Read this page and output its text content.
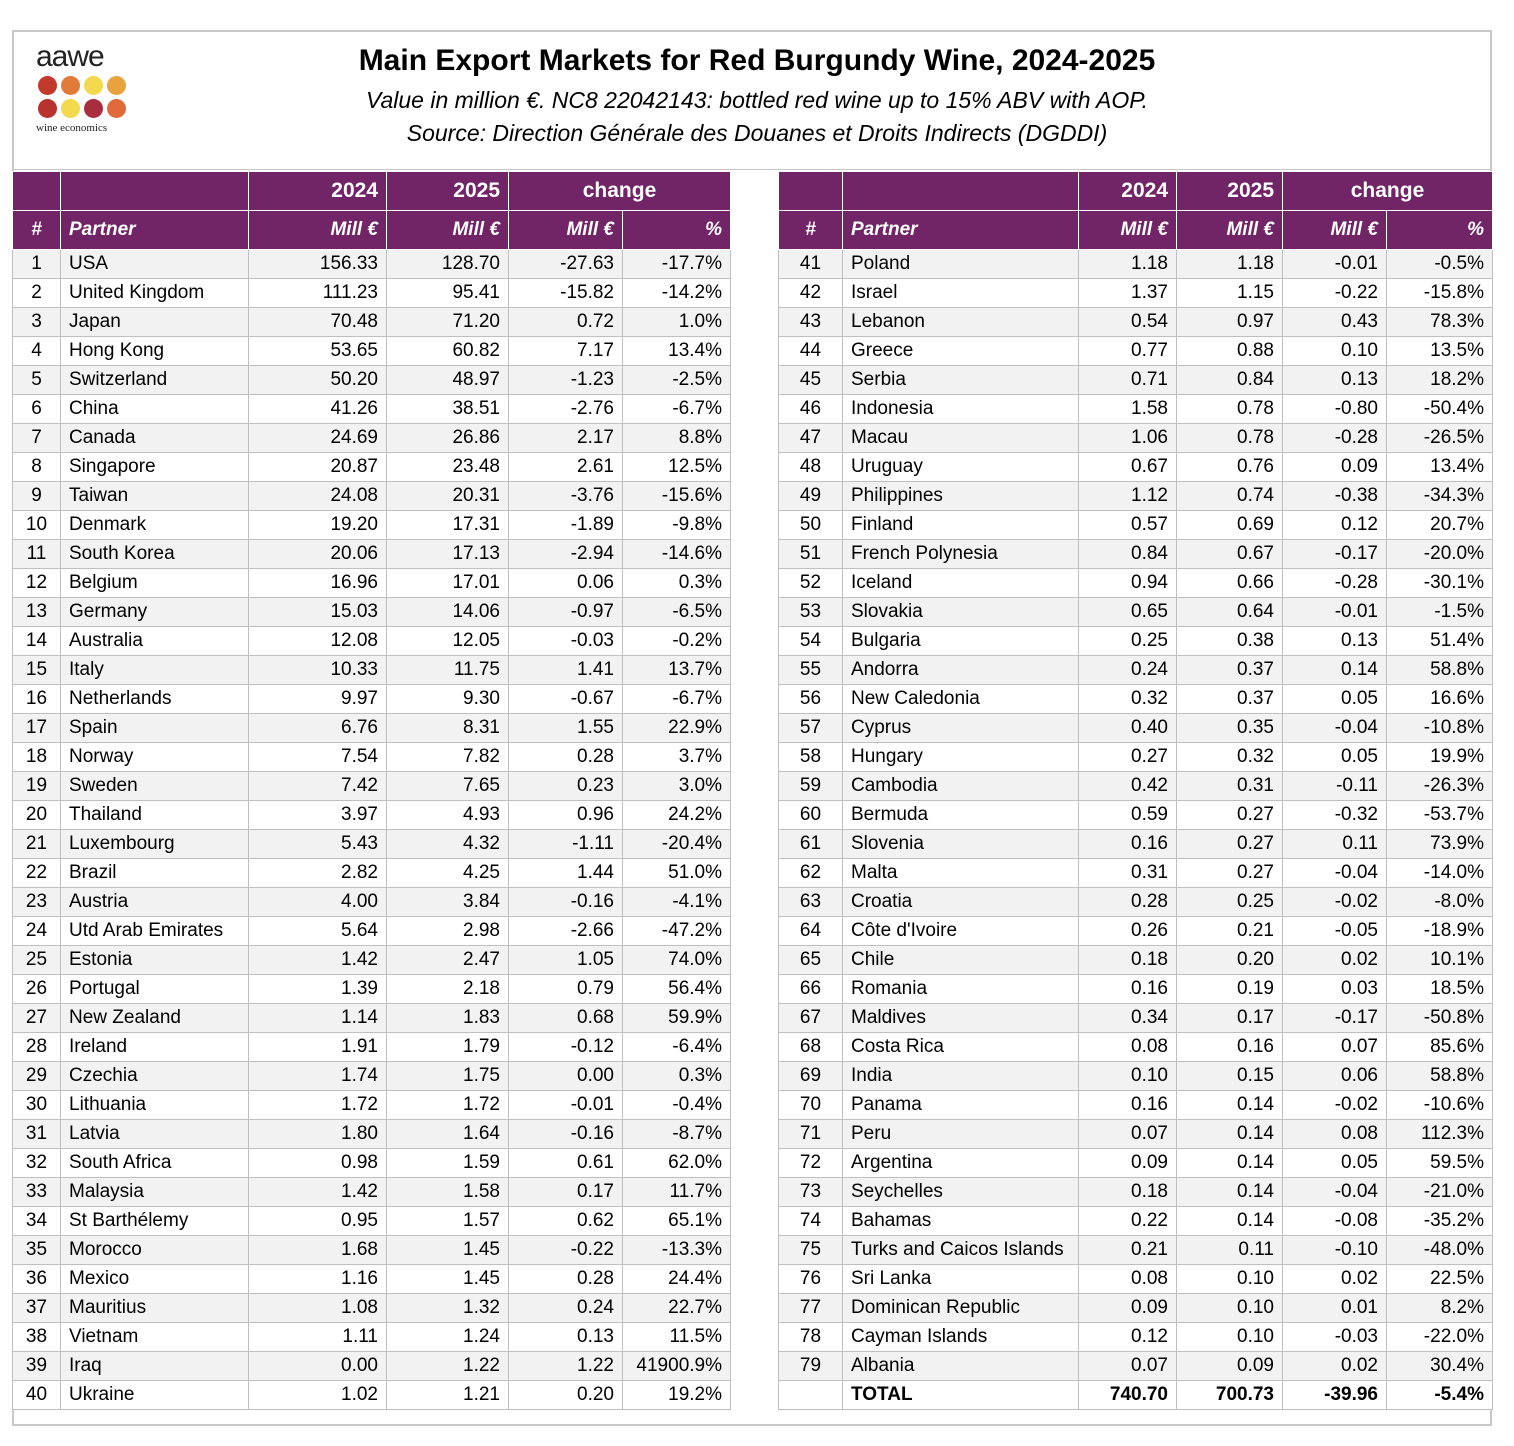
aawe
wine economics
Main Export Markets for Red Burgundy Wine, 2024-2025
Value in million €. NC8 22042143: bottled red wine up to 15% ABV with AOP.
Source: Direction Générale des Douanes et Droits Indirects (DGDDI)
		2024	2025	change	
#	Partner	Mill €	Mill €	Mill €	%
1	USA	156.33	128.70	-27.63	-17.7%
2	United Kingdom	111.23	95.41	-15.82	-14.2%
3	Japan	70.48	71.20	0.72	1.0%
4	Hong Kong	53.65	60.82	7.17	13.4%
5	Switzerland	50.20	48.97	-1.23	-2.5%
6	China	41.26	38.51	-2.76	-6.7%
7	Canada	24.69	26.86	2.17	8.8%
8	Singapore	20.87	23.48	2.61	12.5%
9	Taiwan	24.08	20.31	-3.76	-15.6%
10	Denmark	19.20	17.31	-1.89	-9.8%
11	South Korea	20.06	17.13	-2.94	-14.6%
12	Belgium	16.96	17.01	0.06	0.3%
13	Germany	15.03	14.06	-0.97	-6.5%
14	Australia	12.08	12.05	-0.03	-0.2%
15	Italy	10.33	11.75	1.41	13.7%
16	Netherlands	9.97	9.30	-0.67	-6.7%
17	Spain	6.76	8.31	1.55	22.9%
18	Norway	7.54	7.82	0.28	3.7%
19	Sweden	7.42	7.65	0.23	3.0%
20	Thailand	3.97	4.93	0.96	24.2%
21	Luxembourg	5.43	4.32	-1.11	-20.4%
22	Brazil	2.82	4.25	1.44	51.0%
23	Austria	4.00	3.84	-0.16	-4.1%
24	Utd Arab Emirates	5.64	2.98	-2.66	-47.2%
25	Estonia	1.42	2.47	1.05	74.0%
26	Portugal	1.39	2.18	0.79	56.4%
27	New Zealand	1.14	1.83	0.68	59.9%
28	Ireland	1.91	1.79	-0.12	-6.4%
29	Czechia	1.74	1.75	0.00	0.3%
30	Lithuania	1.72	1.72	-0.01	-0.4%
31	Latvia	1.80	1.64	-0.16	-8.7%
32	South Africa	0.98	1.59	0.61	62.0%
33	Malaysia	1.42	1.58	0.17	11.7%
34	St Barthélemy	0.95	1.57	0.62	65.1%
35	Morocco	1.68	1.45	-0.22	-13.3%
36	Mexico	1.16	1.45	0.28	24.4%
37	Mauritius	1.08	1.32	0.24	22.7%
38	Vietnam	1.11	1.24	0.13	11.5%
39	Iraq	0.00	1.22	1.22	41900.9%
40	Ukraine	1.02	1.21	0.20	19.2%
		2024	2025	change	
#	Partner	Mill €	Mill €	Mill €	%
41	Poland	1.18	1.18	-0.01	-0.5%
42	Israel	1.37	1.15	-0.22	-15.8%
43	Lebanon	0.54	0.97	0.43	78.3%
44	Greece	0.77	0.88	0.10	13.5%
45	Serbia	0.71	0.84	0.13	18.2%
46	Indonesia	1.58	0.78	-0.80	-50.4%
47	Macau	1.06	0.78	-0.28	-26.5%
48	Uruguay	0.67	0.76	0.09	13.4%
49	Philippines	1.12	0.74	-0.38	-34.3%
50	Finland	0.57	0.69	0.12	20.7%
51	French Polynesia	0.84	0.67	-0.17	-20.0%
52	Iceland	0.94	0.66	-0.28	-30.1%
53	Slovakia	0.65	0.64	-0.01	-1.5%
54	Bulgaria	0.25	0.38	0.13	51.4%
55	Andorra	0.24	0.37	0.14	58.8%
56	New Caledonia	0.32	0.37	0.05	16.6%
57	Cyprus	0.40	0.35	-0.04	-10.8%
58	Hungary	0.27	0.32	0.05	19.9%
59	Cambodia	0.42	0.31	-0.11	-26.3%
60	Bermuda	0.59	0.27	-0.32	-53.7%
61	Slovenia	0.16	0.27	0.11	73.9%
62	Malta	0.31	0.27	-0.04	-14.0%
63	Croatia	0.28	0.25	-0.02	-8.0%
64	Côte d'Ivoire	0.26	0.21	-0.05	-18.9%
65	Chile	0.18	0.20	0.02	10.1%
66	Romania	0.16	0.19	0.03	18.5%
67	Maldives	0.34	0.17	-0.17	-50.8%
68	Costa Rica	0.08	0.16	0.07	85.6%
69	India	0.10	0.15	0.06	58.8%
70	Panama	0.16	0.14	-0.02	-10.6%
71	Peru	0.07	0.14	0.08	112.3%
72	Argentina	0.09	0.14	0.05	59.5%
73	Seychelles	0.18	0.14	-0.04	-21.0%
74	Bahamas	0.22	0.14	-0.08	-35.2%
75	Turks and Caicos Islands	0.21	0.11	-0.10	-48.0%
76	Sri Lanka	0.08	0.10	0.02	22.5%
77	Dominican Republic	0.09	0.10	0.01	8.2%
78	Cayman Islands	0.12	0.10	-0.03	-22.0%
79	Albania	0.07	0.09	0.02	30.4%
	TOTAL	740.70	700.73	-39.96	-5.4%
